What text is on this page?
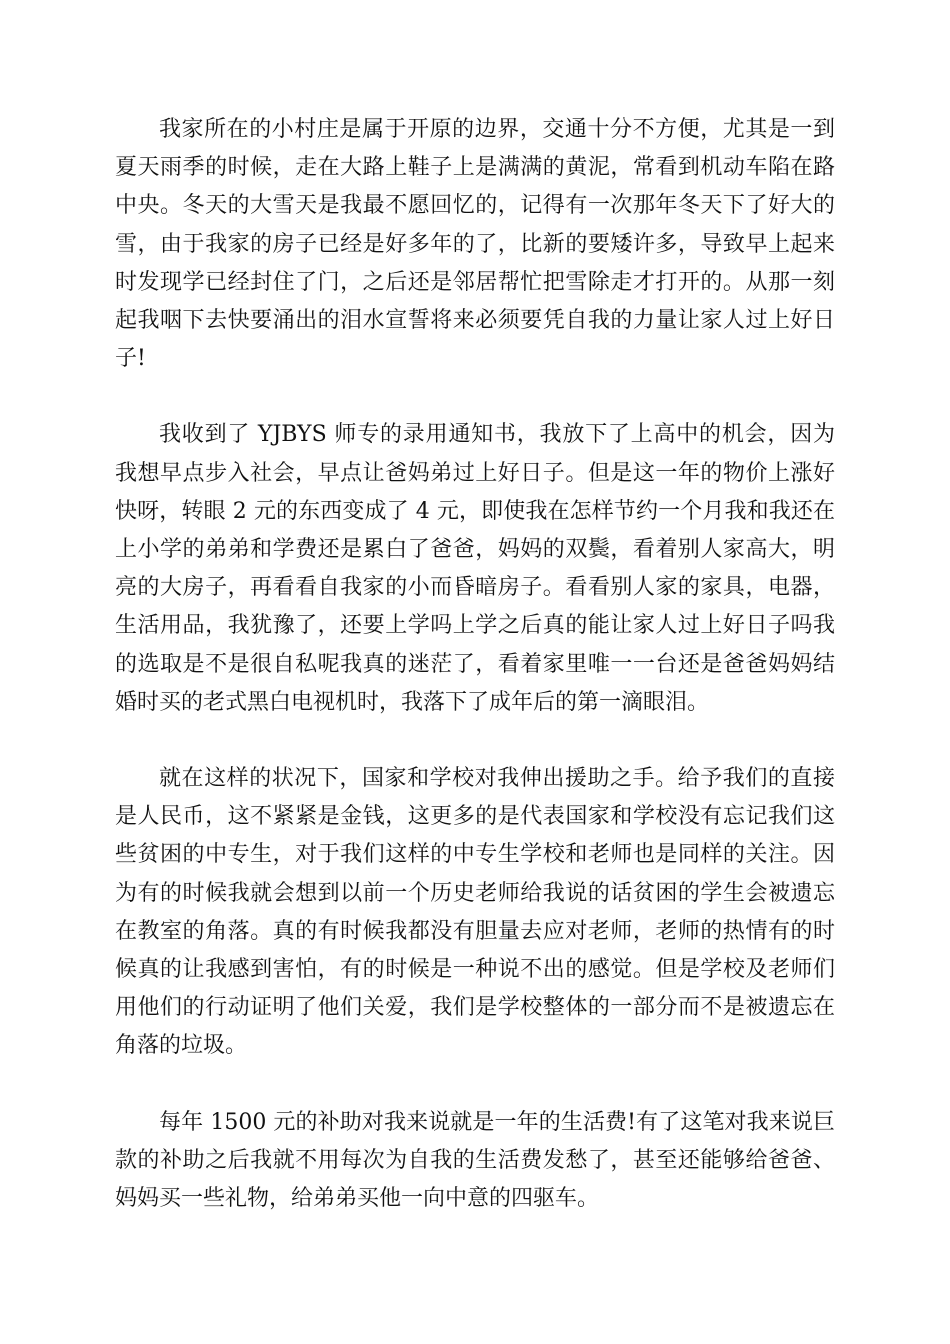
我家所在的小村庄是属于开原的边界，交通十分不方便，尤其是一到夏天雨季的时候，走在大路上鞋子上是满满的黄泥，常看到机动车陷在路中央。冬天的大雪天是我最不愿回忆的，记得有一次那年冬天下了好大的雪，由于我家的房子已经是好多年的了，比新的要矮许多，导致早上起来时发现学已经封住了门，之后还是邻居帮忙把雪除走才打开的。从那一刻起我咽下去快要涌出的泪水宣誓将来必须要凭自我的力量让家人过上好日子!

我收到了 YJBYS 师专的录用通知书，我放下了上高中的机会，因为我想早点步入社会，早点让爸妈弟过上好日子。但是这一年的物价上涨好快呀，转眼 2 元的东西变成了 4 元，即使我在怎样节约一个月我和我还在上小学的弟弟和学费还是累白了爸爸，妈妈的双鬓，看着别人家高大，明亮的大房子，再看看自我家的小而昏暗房子。看看别人家的家具，电器，生活用品，我犹豫了，还要上学吗上学之后真的能让家人过上好日子吗我的选取是不是很自私呢我真的迷茫了，看着家里唯一一台还是爸爸妈妈结婚时买的老式黑白电视机时，我落下了成年后的第一滴眼泪。

就在这样的状况下，国家和学校对我伸出援助之手。给予我们的直接是人民币，这不紧紧是金钱，这更多的是代表国家和学校没有忘记我们这些贫困的中专生，对于我们这样的中专生学校和老师也是同样的关注。因为有的时候我就会想到以前一个历史老师给我说的话贫困的学生会被遗忘在教室的角落。真的有时候我都没有胆量去应对老师，老师的热情有的时候真的让我感到害怕，有的时候是一种说不出的感觉。但是学校及老师们用他们的行动证明了他们关爱，我们是学校整体的一部分而不是被遗忘在角落的垃圾。

每年 1500 元的补助对我来说就是一年的生活费!有了这笔对我来说巨款的补助之后我就不用每次为自我的生活费发愁了，甚至还能够给爸爸、妈妈买一些礼物，给弟弟买他一向中意的四驱车。
